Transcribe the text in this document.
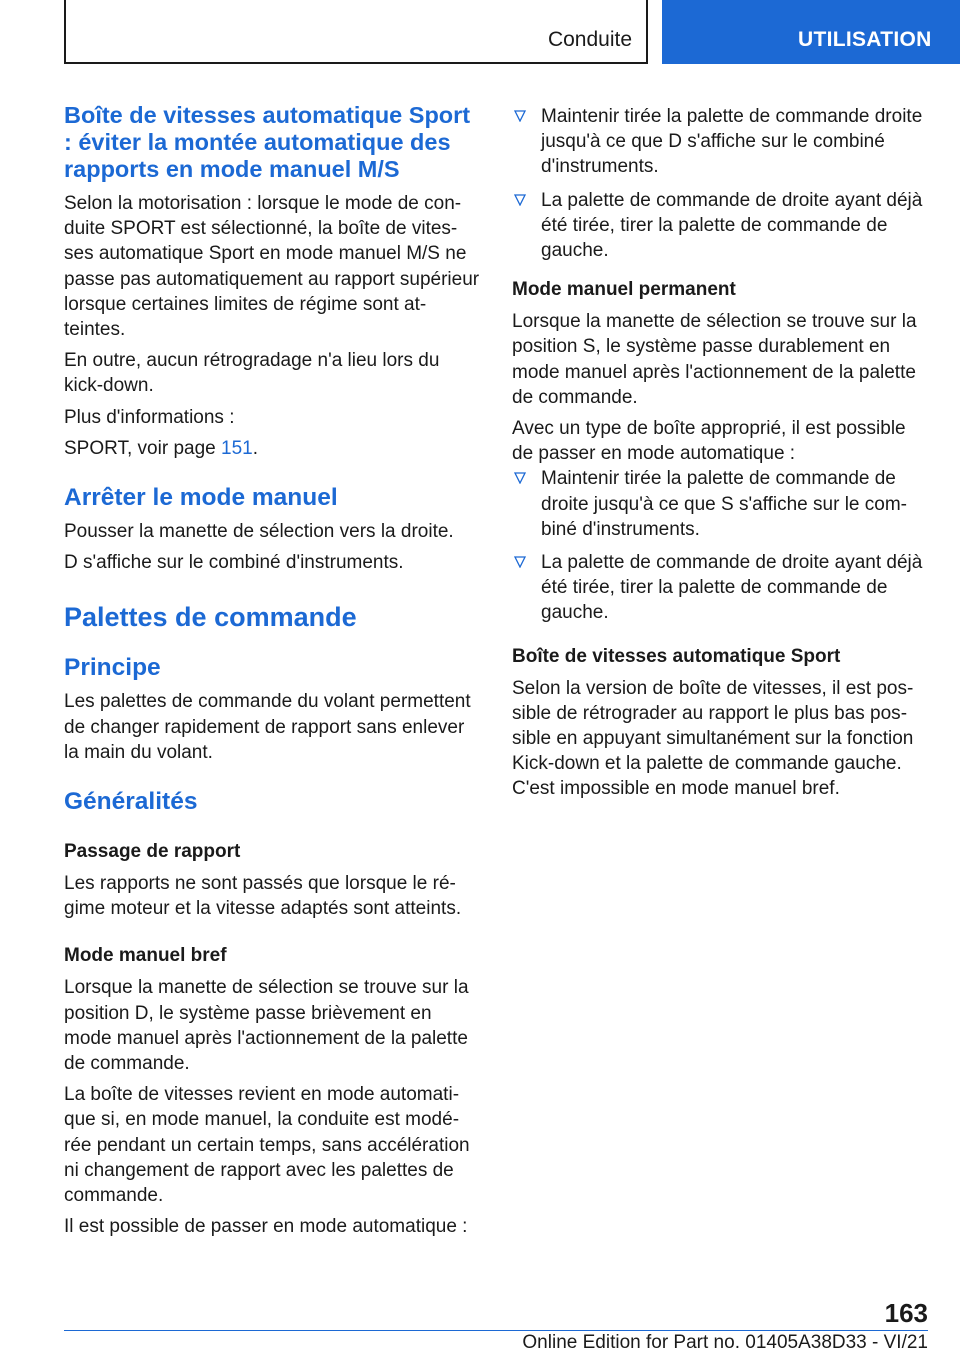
Conduite	UTILISATION
Boîte de vitesses automatique Sport : éviter la montée automatique des rapports en mode manuel M/S

Selon la motorisation : lorsque le mode de conduite SPORT est sélectionné, la boîte de vitesses automatique Sport en mode manuel M/S ne passe pas automatiquement au rapport supérieur lorsque certaines limites de régime sont atteintes.

En outre, aucun rétrogradage n'a lieu lors du kick-down.

Plus d'informations :

SPORT, voir page 151.

Arrêter le mode manuel

Pousser la manette de sélection vers la droite.

D s'affiche sur le combiné d'instruments.

Palettes de commande
Principe

Les palettes de commande du volant permettent de changer rapidement de rapport sans enlever la main du volant.

Généralités
Passage de rapport

Les rapports ne sont passés que lorsque le régime moteur et la vitesse adaptés sont atteints.

Mode manuel bref

Lorsque la manette de sélection se trouve sur la position D, le système passe brièvement en mode manuel après l'actionnement de la palette de commande.

La boîte de vitesses revient en mode automatique si, en mode manuel, la conduite est modérée pendant un certain temps, sans accélération ni changement de rapport avec les palettes de commande.

Il est possible de passer en mode automatique :

Maintenir tirée la palette de commande droite jusqu'à ce que D s'affiche sur le combiné d'instruments.
La palette de commande de droite ayant déjà été tirée, tirer la palette de commande de gauche.
Mode manuel permanent

Lorsque la manette de sélection se trouve sur la position S, le système passe durablement en mode manuel après l'actionnement de la palette de commande.

Avec un type de boîte approprié, il est possible de passer en mode automatique :

Maintenir tirée la palette de commande de droite jusqu'à ce que S s'affiche sur le combiné d'instruments.
La palette de commande de droite ayant déjà été tirée, tirer la palette de commande de gauche.
Boîte de vitesses automatique Sport

Selon la version de boîte de vitesses, il est possible de rétrograder au rapport le plus bas possible en appuyant simultanément sur la fonction Kick-down et la palette de commande gauche. C'est impossible en mode manuel bref.

163
Online Edition for Part no. 01405A38D33 - VI/21
